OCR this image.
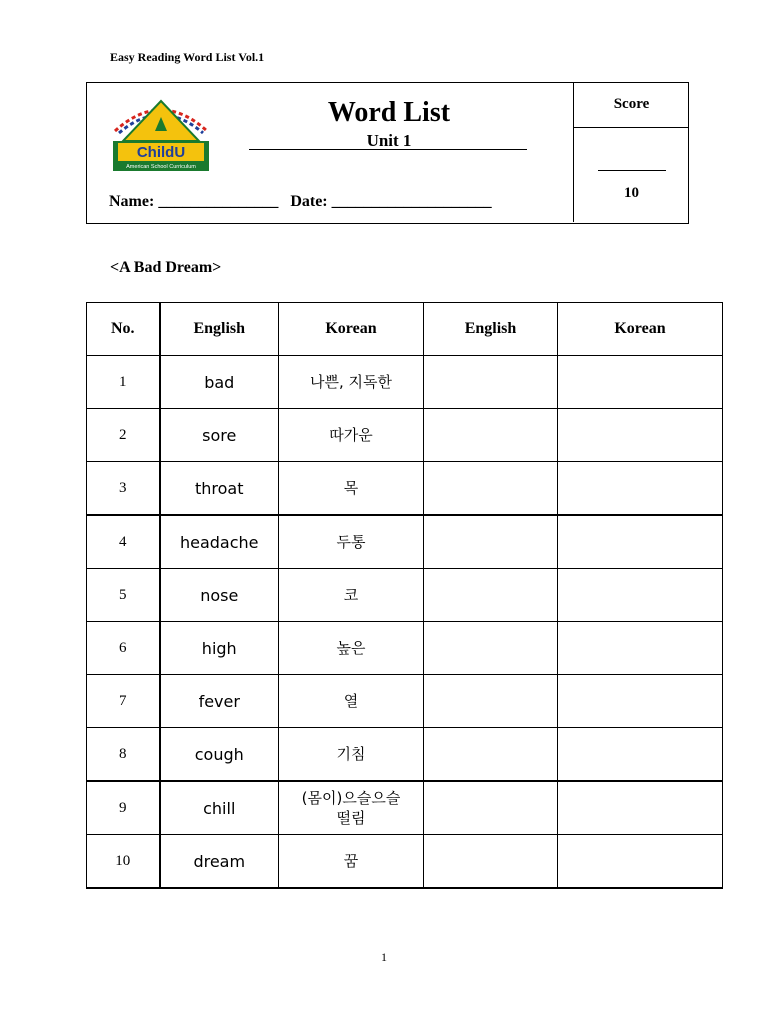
Easy Reading Word List Vol.1
ChildU
American School Curriculum
Word List
Unit 1
Name: _______________ Date: ____________________
Score
10
<A Bad Dream>
No.	English	Korean	English	Korean
1	bad	나쁜, 지독한		
2	sore	따가운		
3	throat	목		
4	headache	두통		
5	nose	코		
6	high	높은		
7	fever	열		
8	cough	기침		
9	chill	(몸이)으슬으슬 떨림		
10	dream	꿈		
1
